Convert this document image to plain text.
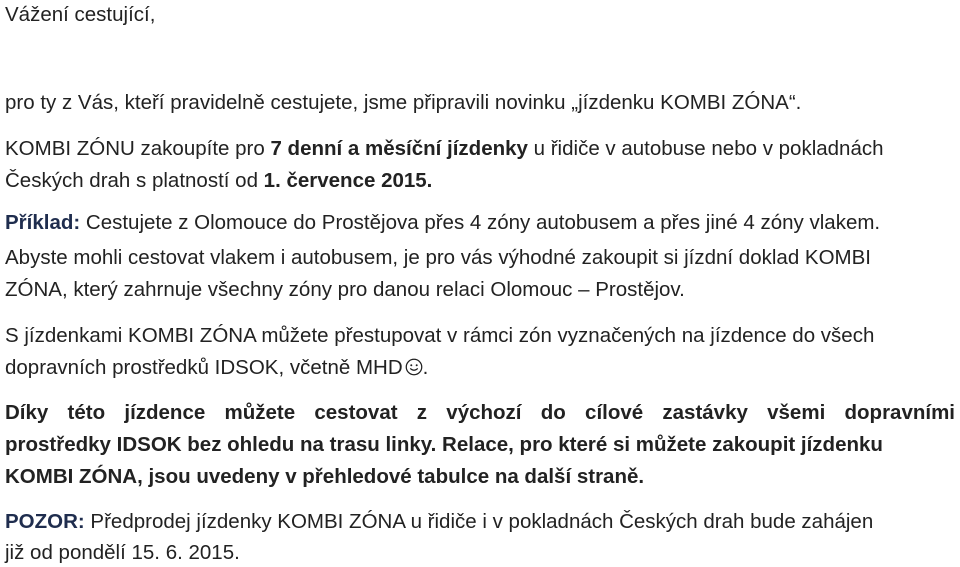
Vážení cestující,
pro ty z Vás, kteří pravidelně cestujete, jsme připravili novinku „jízdenku KOMBI ZÓNA“.
KOMBI ZÓNU zakoupíte pro 7 denní a měsíční jízdenky u řidiče v autobuse nebo v pokladnách
Českých drah s platností od 1. července 2015.
Příklad: Cestujete z Olomouce do Prostějova přes 4 zóny autobusem a přes jiné 4 zóny vlakem.
Abyste mohli cestovat vlakem i autobusem, je pro vás výhodné zakoupit si jízdní doklad KOMBI
ZÓNA, který zahrnuje všechny zóny pro danou relaci Olomouc – Prostějov.
S jízdenkami KOMBI ZÓNA můžete přestupovat v rámci zón vyznačených na jízdence do všech
dopravních prostředků IDSOK, včetně MHD .
Díky této jízdence můžete cestovat z výchozí do cílové zastávky všemi dopravními
prostředky IDSOK bez ohledu na trasu linky. Relace, pro které si můžete zakoupit jízdenku
KOMBI ZÓNA, jsou uvedeny v přehledové tabulce na další straně.
POZOR: Předprodej jízdenky KOMBI ZÓNA u řidiče i v pokladnách Českých drah bude zahájen
již od pondělí 15. 6. 2015.
